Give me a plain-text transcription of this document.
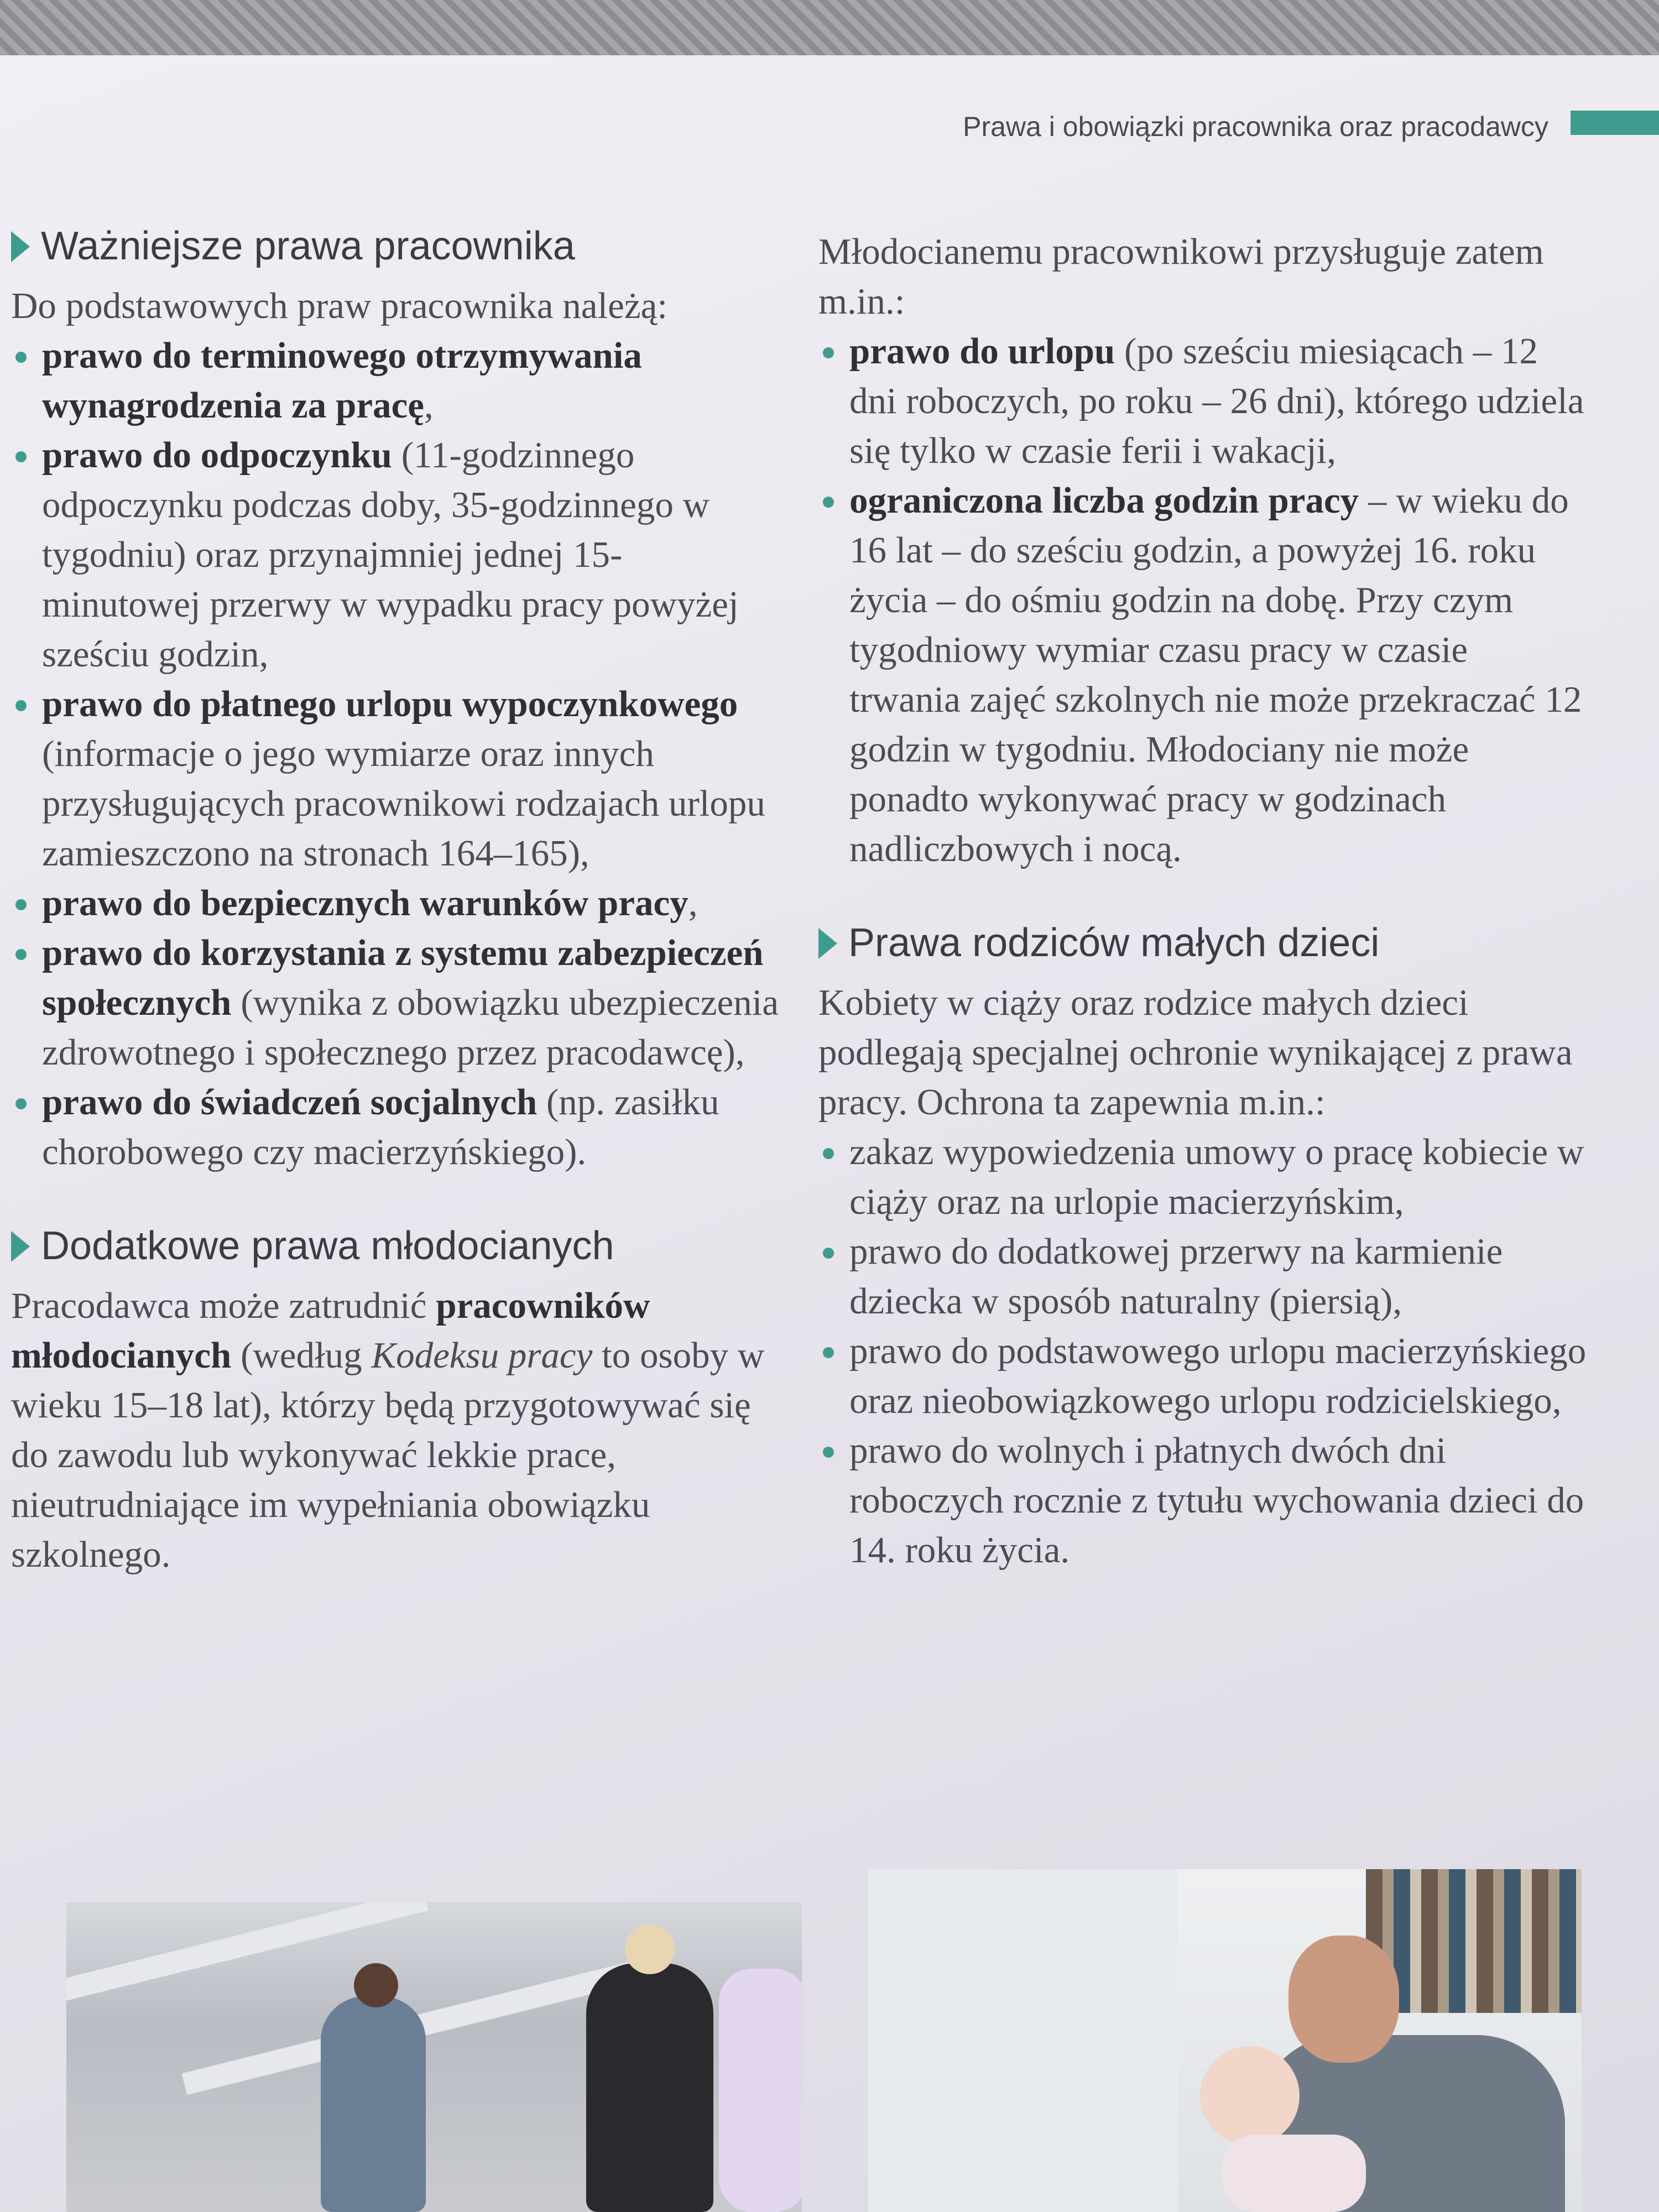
Prawa i obowiązki pracownika oraz pracodawcy
Ważniejsze prawa pracownika

Do podstawowych praw pracownika należą:

prawo do terminowego otrzymywania wynagrodzenia za pracę,
prawo do odpoczynku (11-godzinnego odpoczynku podczas doby, 35-godzinnego w tygodniu) oraz przynajmniej jednej 15-minutowej przerwy w wypadku pracy powyżej sześciu godzin,
prawo do płatnego urlopu wypoczynkowego (informacje o jego wymiarze oraz innych przysługujących pracownikowi rodzajach urlopu zamieszczono na stronach 164–165),
prawo do bezpiecznych warunków pracy,
prawo do korzystania z systemu zabezpieczeń społecznych (wynika z obowiązku ubezpieczenia zdrowotnego i społecznego przez pracodawcę),
prawo do świadczeń socjalnych (np. zasiłku chorobowego czy macierzyńskiego).
Dodatkowe prawa młodocianych

Pracodawca może zatrudnić pracowników młodocianych (według Kodeksu pracy to osoby w wieku 15–18 lat), którzy będą przygotowywać się do zawodu lub wykonywać lekkie prace, nieutrudniające im wypełniania obowiązku szkolnego.

Młodocianemu pracownikowi przysługuje zatem m.in.:

prawo do urlopu (po sześciu miesiącach – 12 dni roboczych, po roku – 26 dni), którego udziela się tylko w czasie ferii i wakacji,
ograniczona liczba godzin pracy – w wieku do 16 lat – do sześciu godzin, a powyżej 16. roku życia – do ośmiu godzin na dobę. Przy czym tygodniowy wymiar czasu pracy w czasie trwania zajęć szkolnych nie może przekraczać 12 godzin w tygodniu. Młodociany nie może ponadto wykonywać pracy w godzinach nadliczbowych i nocą.
Prawa rodziców małych dzieci

Kobiety w ciąży oraz rodzice małych dzieci podlegają specjalnej ochronie wynikającej z prawa pracy. Ochrona ta zapewnia m.in.:

zakaz wypowiedzenia umowy o pracę kobiecie w ciąży oraz na urlopie macierzyńskim,
prawo do dodatkowej przerwy na karmienie dziecka w sposób naturalny (piersią),
prawo do podstawowego urlopu macierzyńskiego oraz nieobowiązkowego urlopu rodzicielskiego,
prawo do wolnych i płatnych dwóch dni roboczych rocznie z tytułu wychowania dzieci do 14. roku życia.
